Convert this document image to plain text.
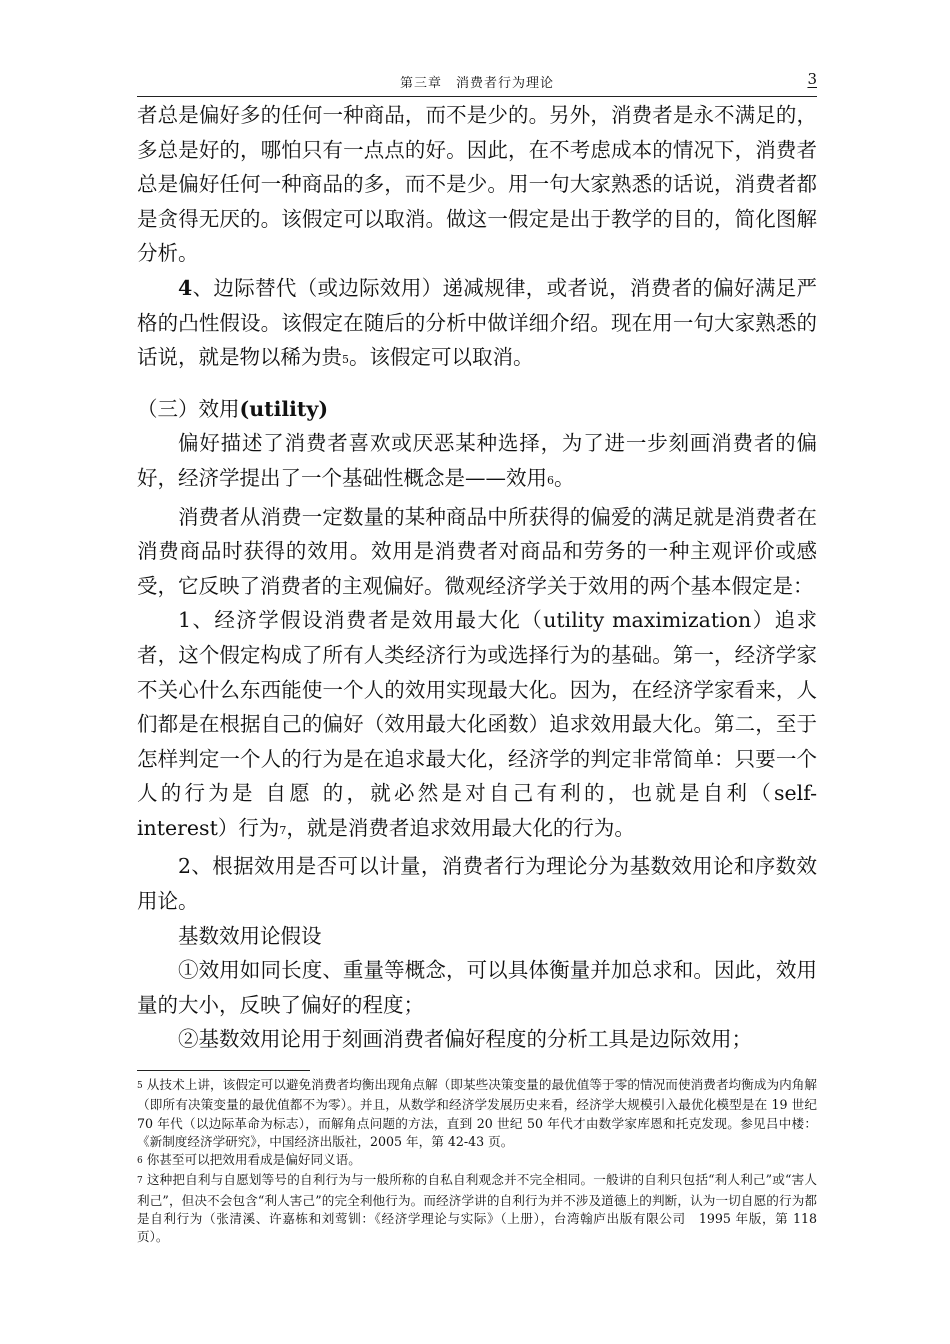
第三章　消费者行为理论	3

者总是偏好多的任何一种商品，而不是少的。另外，消费者是永不满足的，多总是好的，哪怕只有一点点的好。因此，在不考虑成本的情况下，消费者总是偏好任何一种商品的多，而不是少。用一句大家熟悉的话说，消费者都是贪得无厌的。该假定可以取消。做这一假定是出于教学的目的，简化图解分析。

4、边际替代（或边际效用）递减规律，或者说，消费者的偏好满足严格的凸性假设。该假定在随后的分析中做详细介绍。现在用一句大家熟悉的话说，就是物以稀为贵$^5$。该假定可以取消。

（三）效用(utility)

偏好描述了消费者喜欢或厌恶某种选择，为了进一步刻画消费者的偏好，经济学提出了一个基础性概念是——效用$^6$。

消费者从消费一定数量的某种商品中所获得的偏爱的满足就是消费者在消费商品时获得的效用。效用是消费者对商品和劳务的一种主观评价或感受，它反映了消费者的主观偏好。微观经济学关于效用的两个基本假定是：

1、经济学假设消费者是效用最大化（utility maximization）追求者，这个假定构成了所有人类经济行为或选择行为的基础。第一，经济学家不关心什么东西能使一个人的效用实现最大化。因为，在经济学家看来，人们都是在根据自己的偏好（效用最大化函数）追求效用最大化。第二，至于怎样判定一个人的行为是在追求最大化，经济学的判定非常简单：只要一个人的行为是 自愿 的，就必然是对自己有利的，也就是自利（self-interest）行为$^7$，就是消费者追求效用最大化的行为。

2、根据效用是否可以计量，消费者行为理论分为基数效用论和序数效用论。

基数效用论假设

①效用如同长度、重量等概念，可以具体衡量并加总求和。因此，效用量的大小，反映了偏好的程度；

②基数效用论用于刻画消费者偏好程度的分析工具是边际效用；

5 从技术上讲，该假定可以避免消费者均衡出现角点解（即某些决策变量的最优值等于零的情况而使消费者均衡成为内角解（即所有决策变量的最优值都不为零）。并且，从数学和经济学发展历史来看，经济学大规模引入最优化模型是在 19 世纪 70 年代（以边际革命为标志），而解角点问题的方法，直到 20 世纪 50 年代才由数学家库恩和托克发现。参见吕中楼：《新制度经济学研究》，中国经济出版社，2005 年，第 42-43 页。

6 你甚至可以把效用看成是偏好同义语。

7 这种把自利与自愿划等号的自利行为与一般所称的自私自利观念并不完全相同。一般讲的自利只包括“利人利己”或“害人利己”，但决不会包含“利人害己”的完全利他行为。而经济学讲的自利行为并不涉及道德上的判断，认为一切自愿的行为都是自利行为（张清溪、许嘉栋和刘莺钏：《经济学理论与实际》（上册），台湾翰庐出版有限公司　1995 年版，第 118 页）。
